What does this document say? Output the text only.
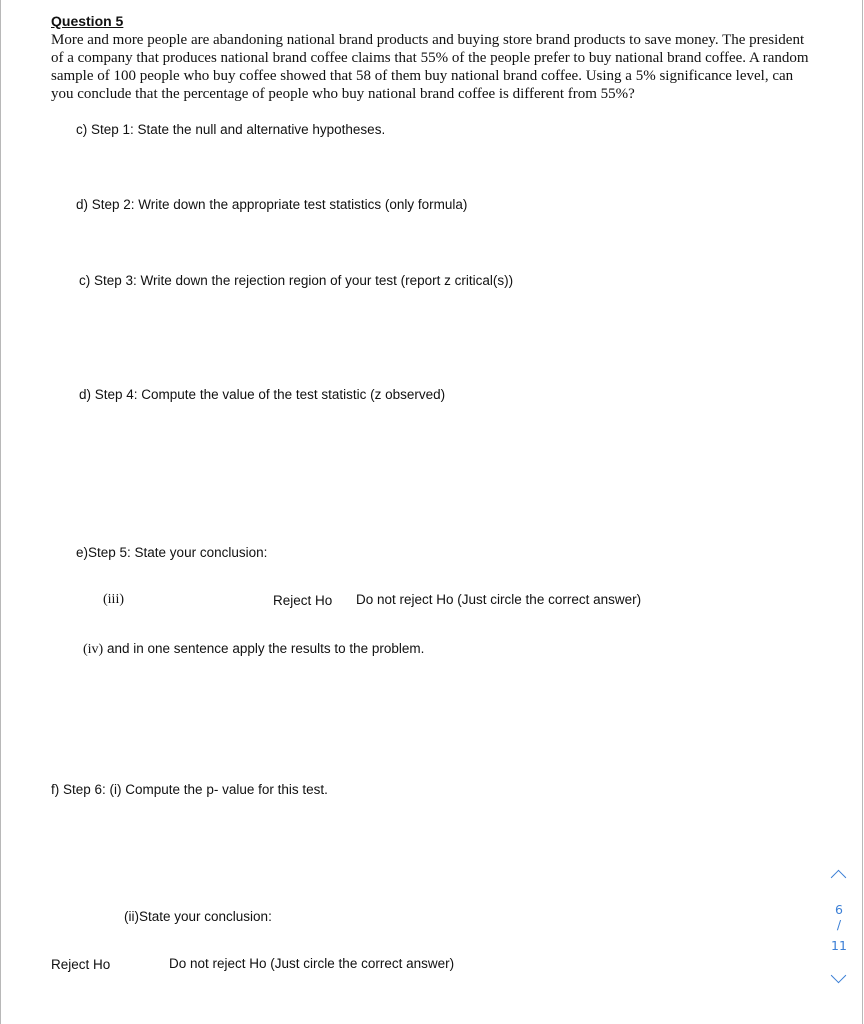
Question 5
More and more people are abandoning national brand products and buying store brand products to save money. The president of a company that produces national brand coffee claims that 55% of the people prefer to buy national brand coffee. A random sample of 100 people who buy coffee showed that 58 of them buy national brand coffee. Using a 5% significance level, can you conclude that the percentage of people who buy national brand coffee is different from 55%?
c) Step 1: State the null and alternative hypotheses.
d) Step 2: Write down the appropriate test statistics (only formula)
c) Step 3: Write down the rejection region of your test (report z critical(s))
d) Step 4: Compute the value of the test statistic (z observed)
e)Step 5: State your conclusion:
(iii)	Reject Ho Do not reject Ho (Just circle the correct answer)
(iv) and in one sentence apply the results to the problem.
f) Step 6: (i) Compute the p- value for this test.
(ii)State your conclusion:
Reject Ho	Do not reject Ho (Just circle the correct answer)
6
/
11
